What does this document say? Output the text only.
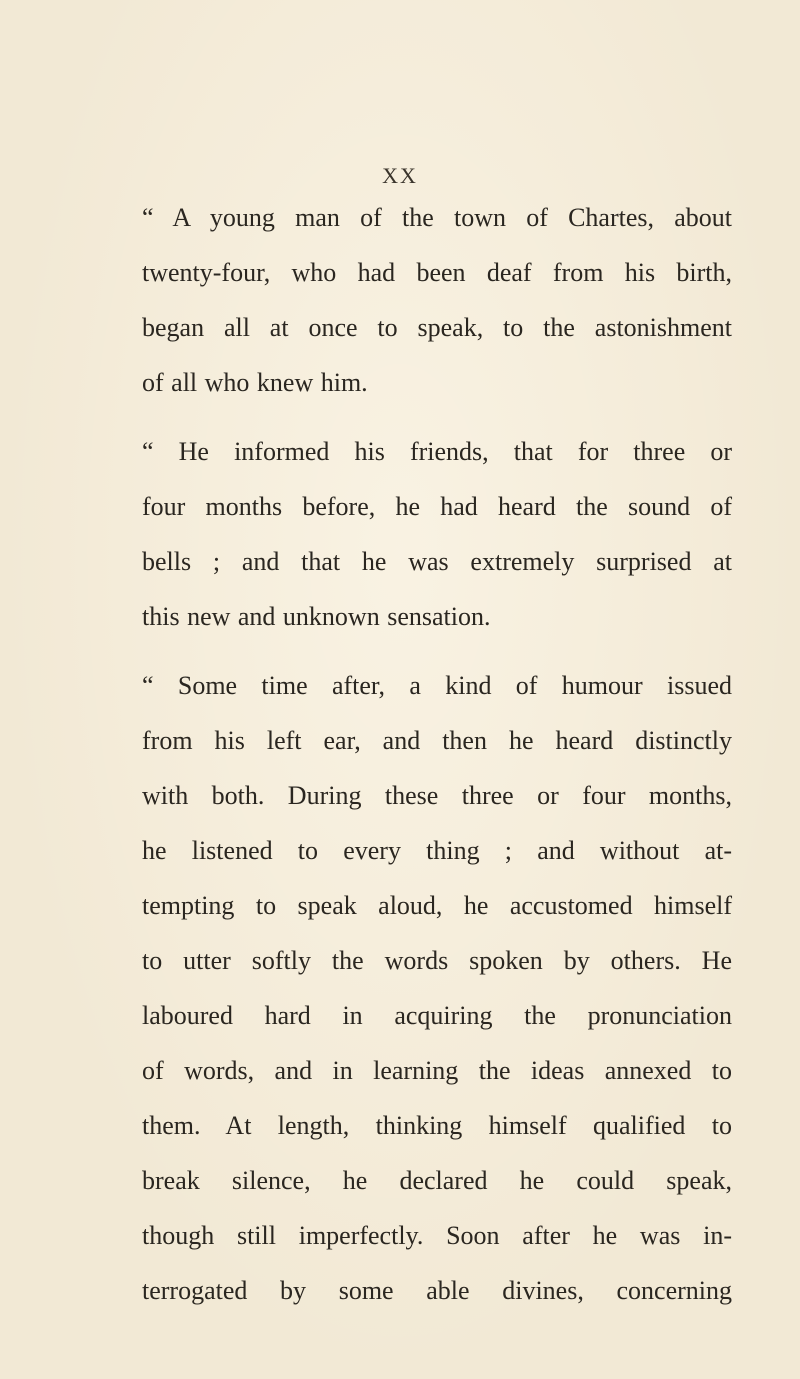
XX

“ A young man of the town of Chartes, about
twenty-four, who had been deaf from his birth,
began all at once to speak, to the astonishment
of all who knew him.

“ He informed his friends, that for three or
four months before, he had heard the sound of
bells ; and that he was extremely surprised at
this new and unknown sensation.

“ Some time after, a kind of humour issued
from his left ear, and then he heard distinctly
with both. During these three or four months,
he listened to every thing ; and without at-
tempting to speak aloud, he accustomed himself
to utter softly the words spoken by others. He
laboured hard in acquiring the pronunciation
of words, and in learning the ideas annexed to
them. At length, thinking himself qualified to
break silence, he declared he could speak,
though still imperfectly. Soon after he was in-
terrogated by some able divines, concerning
